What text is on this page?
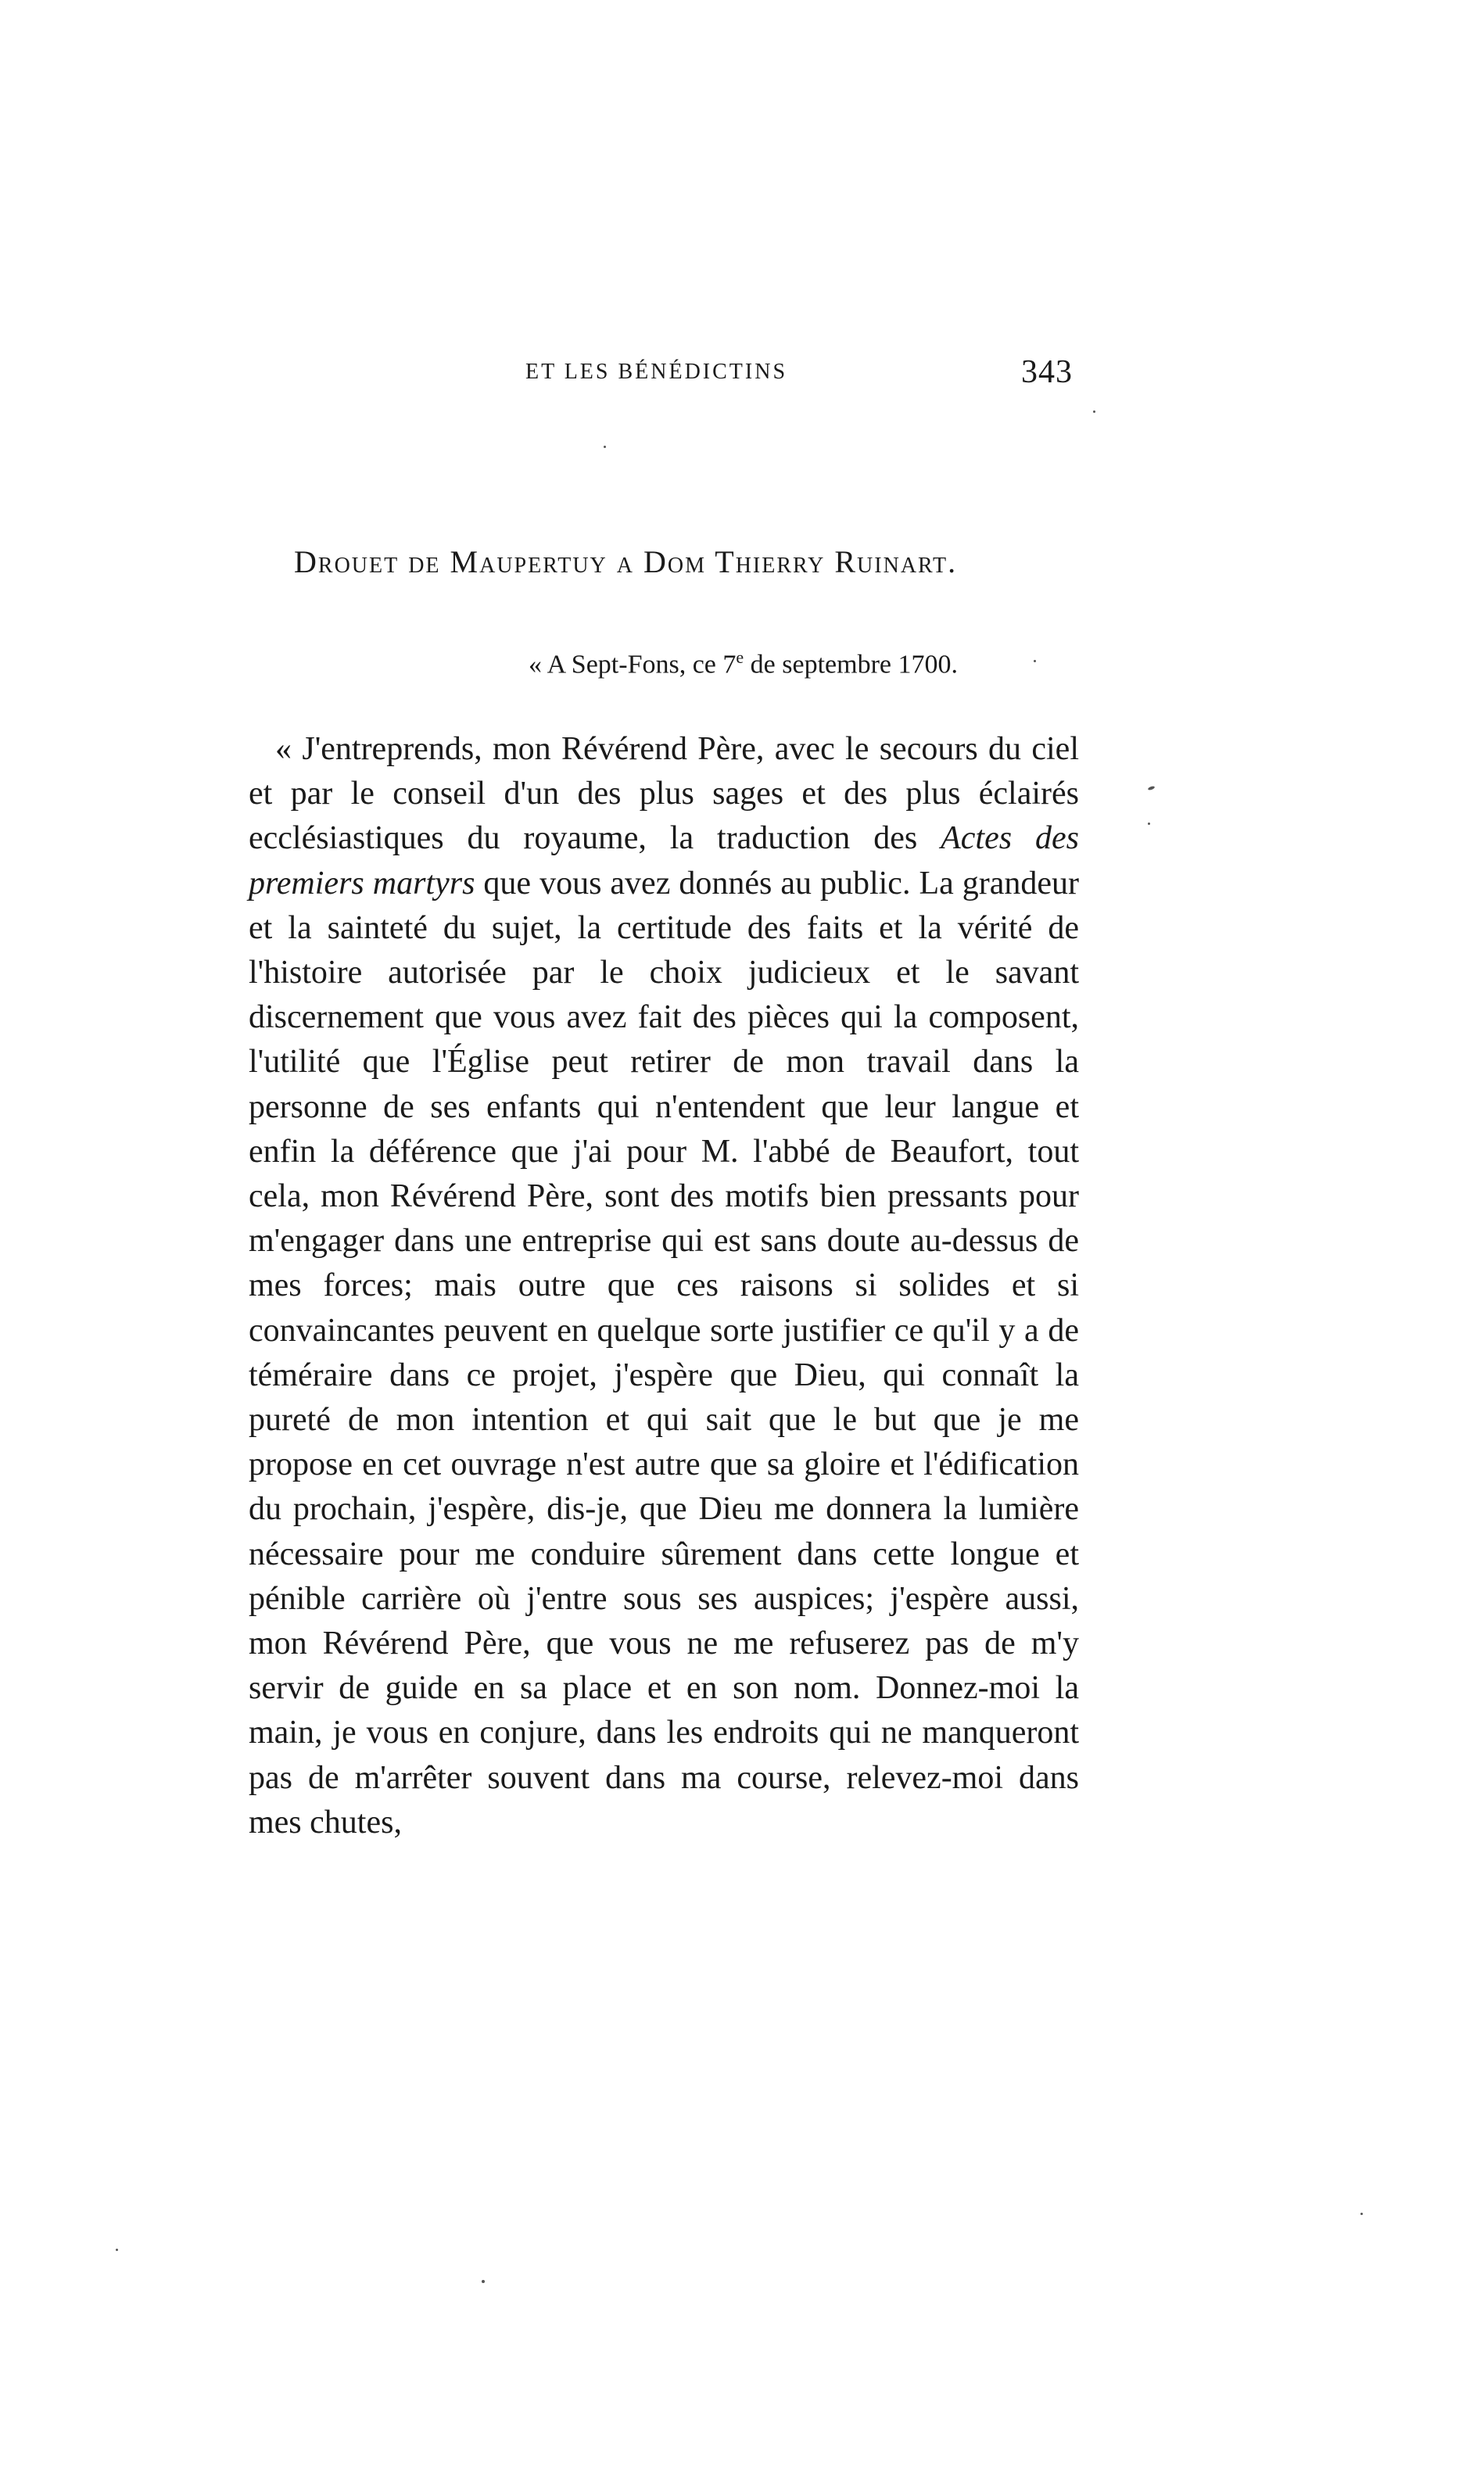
ET LES BÉNÉDICTINS	343
Drouet de Maupertuy a Dom Thierry Ruinart.
« A Sept-Fons, ce 7e de septembre 1700.

« J'entreprends, mon Révérend Père, avec le secours du ciel et par le conseil d'un des plus sages et des plus éclairés ecclésiastiques du royaume, la traduction des Actes des premiers martyrs que vous avez donnés au public. La grandeur et la sainteté du sujet, la certitude des faits et la vérité de l'histoire autorisée par le choix judicieux et le savant discernement que vous avez fait des pièces qui la composent, l'utilité que l'Église peut retirer de mon travail dans la personne de ses enfants qui n'entendent que leur langue et enfin la déférence que j'ai pour M. l'abbé de Beaufort, tout cela, mon Révérend Père, sont des motifs bien pressants pour m'engager dans une entreprise qui est sans doute au-dessus de mes forces; mais outre que ces raisons si solides et si convaincantes peuvent en quelque sorte justifier ce qu'il y a de téméraire dans ce projet, j'espère que Dieu, qui connaît la pureté de mon intention et qui sait que le but que je me propose en cet ouvrage n'est autre que sa gloire et l'édification du prochain, j'espère, dis-je, que Dieu me donnera la lumière nécessaire pour me conduire sûrement dans cette longue et pénible carrière où j'entre sous ses auspices; j'espère aussi, mon Révérend Père, que vous ne me refuserez pas de m'y servir de guide en sa place et en son nom. Donnez-moi la main, je vous en conjure, dans les endroits qui ne manqueront pas de m'arrêter souvent dans ma course, relevez-moi dans mes chutes,
